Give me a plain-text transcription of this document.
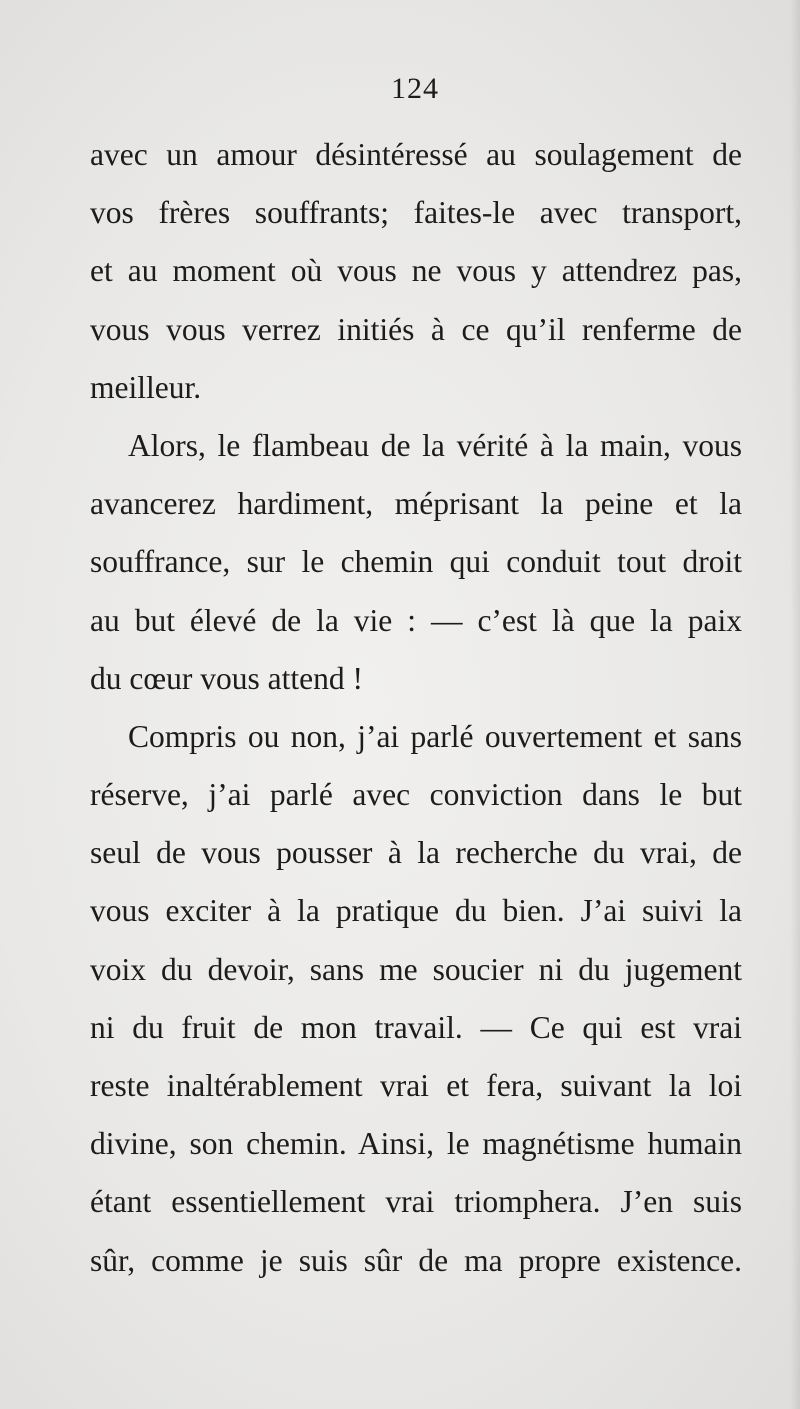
124
avec un amour désintéressé au soulagement de
vos frères souffrants; faites-le avec transport,
et au moment où vous ne vous y attendrez pas,
vous vous verrez initiés à ce qu’il renferme de
meilleur.
Alors, le flambeau de la vérité à la main, vous
avancerez hardiment, méprisant la peine et la
souffrance, sur le chemin qui conduit tout droit
au but élevé de la vie : — c’est là que la paix
du cœur vous attend !
Compris ou non, j’ai parlé ouvertement et sans
réserve, j’ai parlé avec conviction dans le but
seul de vous pousser à la recherche du vrai, de
vous exciter à la pratique du bien. J’ai suivi la
voix du devoir, sans me soucier ni du jugement
ni du fruit de mon travail. — Ce qui est vrai
reste inaltérablement vrai et fera, suivant la loi
divine, son chemin. Ainsi, le magnétisme humain
étant essentiellement vrai triomphera. J’en suis
sûr, comme je suis sûr de ma propre existence.
